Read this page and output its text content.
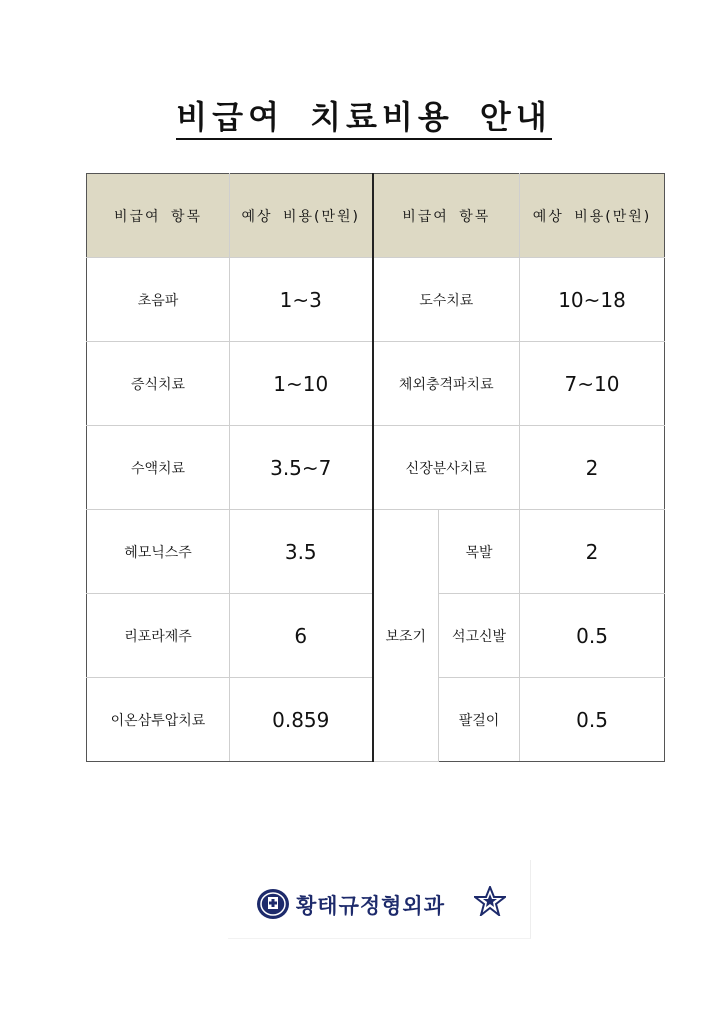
비급여 치료비용 안내
비급여 항목	예상 비용(만원)	비급여 항목		예상 비용(만원)
초음파	1~3	도수치료		10~18
증식치료	1~10	체외충격파치료		7~10
수액치료	3.5~7	신장분사치료		2
헤모닉스주	3.5	보조기	목발	2
리포라제주	6		석고신발	0.5
이온삼투압치료	0.859		팔걸이	0.5
황태규정형외과
